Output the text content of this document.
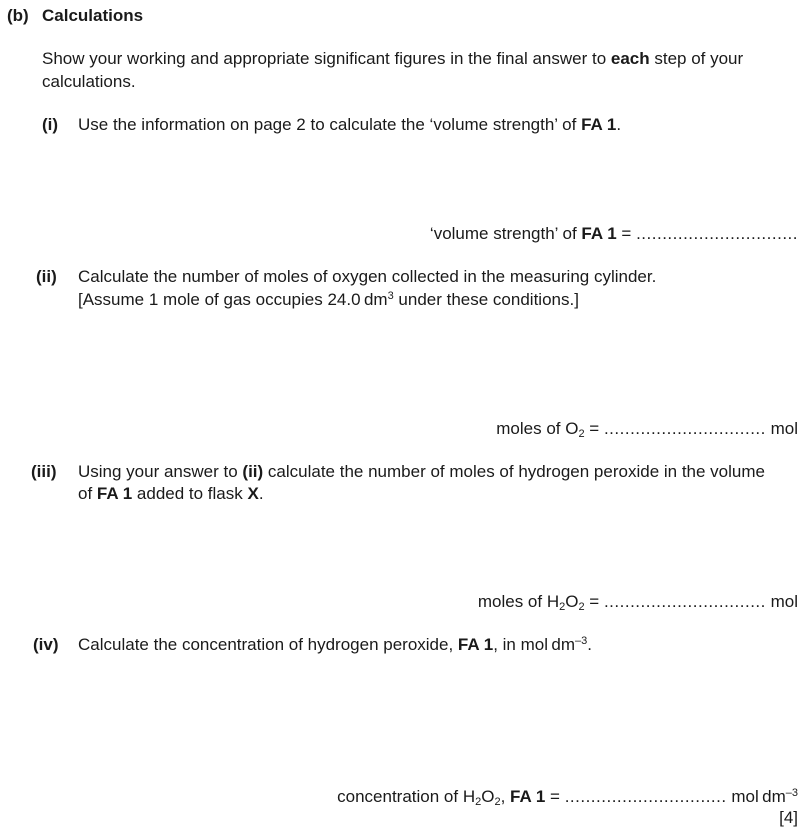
(b) Calculations
Show your working and appropriate significant figures in the final answer to each step of your
calculations.
(i) Use the information on page 2 to calculate the ‘volume strength’ of FA 1.
‘volume strength’ of FA 1 = ...............................
(ii) Calculate the number of moles of oxygen collected in the measuring cylinder.
[Assume 1 mole of gas occupies 24.0 $dm^3$ under these conditions.]
moles of $O_2$ = ............................... mol
(iii) Using your answer to (ii) calculate the number of moles of hydrogen peroxide in the volume
of FA 1 added to flask X.
moles of $H_2O_2$ = ............................... mol
(iv) Calculate the concentration of hydrogen peroxide, FA 1, in mol $dm^{-3}$.
concentration of $H_2O_2$, FA 1 = ............................... mol $dm^{-3}$
[4]
